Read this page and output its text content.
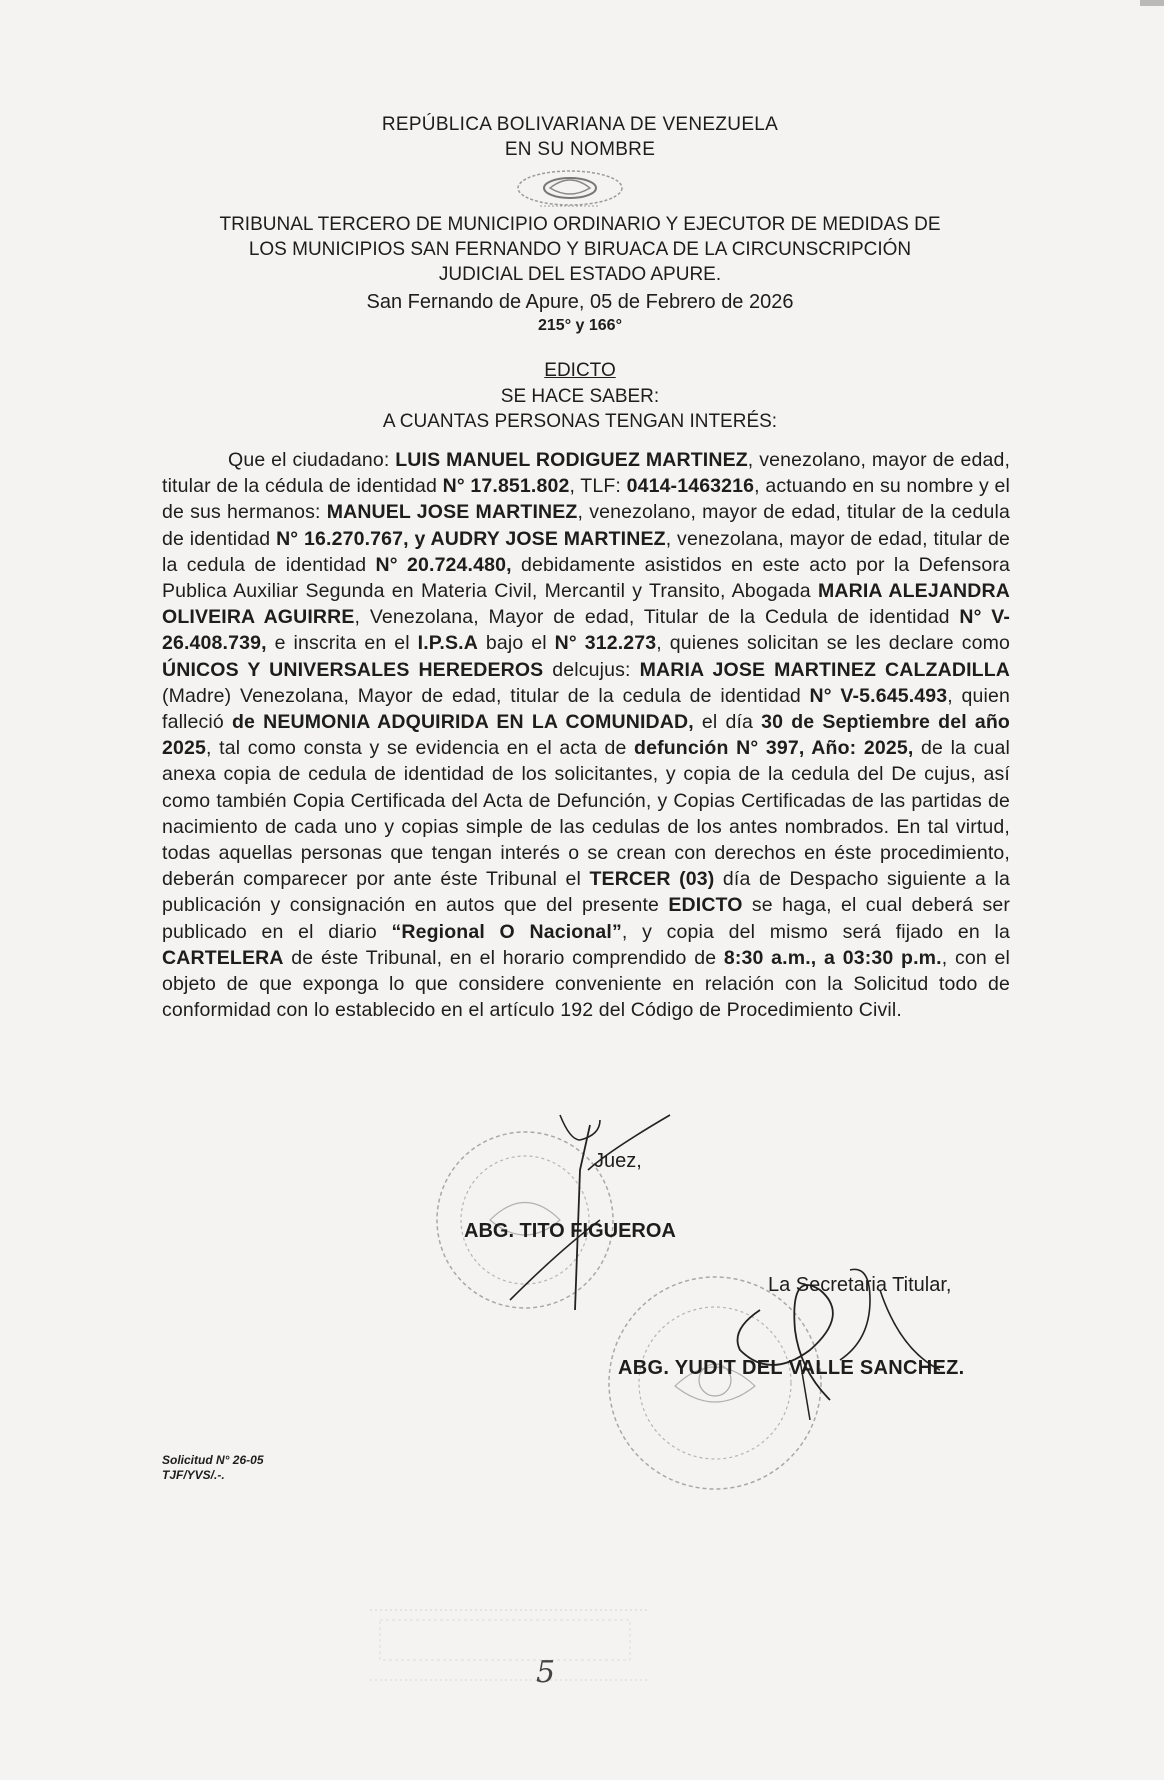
REPÚBLICA BOLIVARIANA DE VENEZUELA
EN SU NOMBRE
TRIBUNAL TERCERO DE MUNICIPIO ORDINARIO Y EJECUTOR DE MEDIDAS DE
LOS MUNICIPIOS SAN FERNANDO Y BIRUACA DE LA CIRCUNSCRIPCIÓN
JUDICIAL DEL ESTADO APURE.
San Fernando de Apure, 05 de Febrero de 2026
215° y 166°
EDICTO
SE HACE SABER:
A CUANTAS PERSONAS TENGAN INTERÉS:
Que el ciudadano: LUIS MANUEL RODIGUEZ MARTINEZ, venezolano, mayor de edad, titular de la cédula de identidad N° 17.851.802, TLF: 0414-1463216, actuando en su nombre y el de sus hermanos: MANUEL JOSE MARTINEZ, venezolano, mayor de edad, titular de la cedula de identidad N° 16.270.767, y AUDRY JOSE MARTINEZ, venezolana, mayor de edad, titular de la cedula de identidad N° 20.724.480, debidamente asistidos en este acto por la Defensora Publica Auxiliar Segunda en Materia Civil, Mercantil y Transito, Abogada MARIA ALEJANDRA OLIVEIRA AGUIRRE, Venezolana, Mayor de edad, Titular de la Cedula de identidad N° V-26.408.739, e inscrita en el I.P.S.A bajo el N° 312.273, quienes solicitan se les declare como ÚNICOS Y UNIVERSALES HEREDEROS delcujus: MARIA JOSE MARTINEZ CALZADILLA (Madre) Venezolana, Mayor de edad, titular de la cedula de identidad N° V-5.645.493, quien falleció de NEUMONIA ADQUIRIDA EN LA COMUNIDAD, el día 30 de Septiembre del año 2025, tal como consta y se evidencia en el acta de defunción N° 397, Año: 2025, de la cual anexa copia de cedula de identidad de los solicitantes, y copia de la cedula del De cujus, así como también Copia Certificada del Acta de Defunción, y Copias Certificadas de las partidas de nacimiento de cada uno y copias simple de las cedulas de los antes nombrados. En tal virtud, todas aquellas personas que tengan interés o se crean con derechos en éste procedimiento, deberán comparecer por ante éste Tribunal el TERCER (03) día de Despacho siguiente a la publicación y consignación en autos que del presente EDICTO se haga, el cual deberá ser publicado en el diario “Regional O Nacional”, y copia del mismo será fijado en la CARTELERA de éste Tribunal, en el horario comprendido de 8:30 a.m., a 03:30 p.m., con el objeto de que exponga lo que considere conveniente en relación con la Solicitud todo de conformidad con lo establecido en el artículo 192 del Código de Procedimiento Civil.
Juez,
ABG. TITO FIGUEROA
La Secretaria Titular,
ABG. YUDIT DEL VALLE SANCHEZ.
Solicitud N° 26-05
TJF/YVS/.-.
5
